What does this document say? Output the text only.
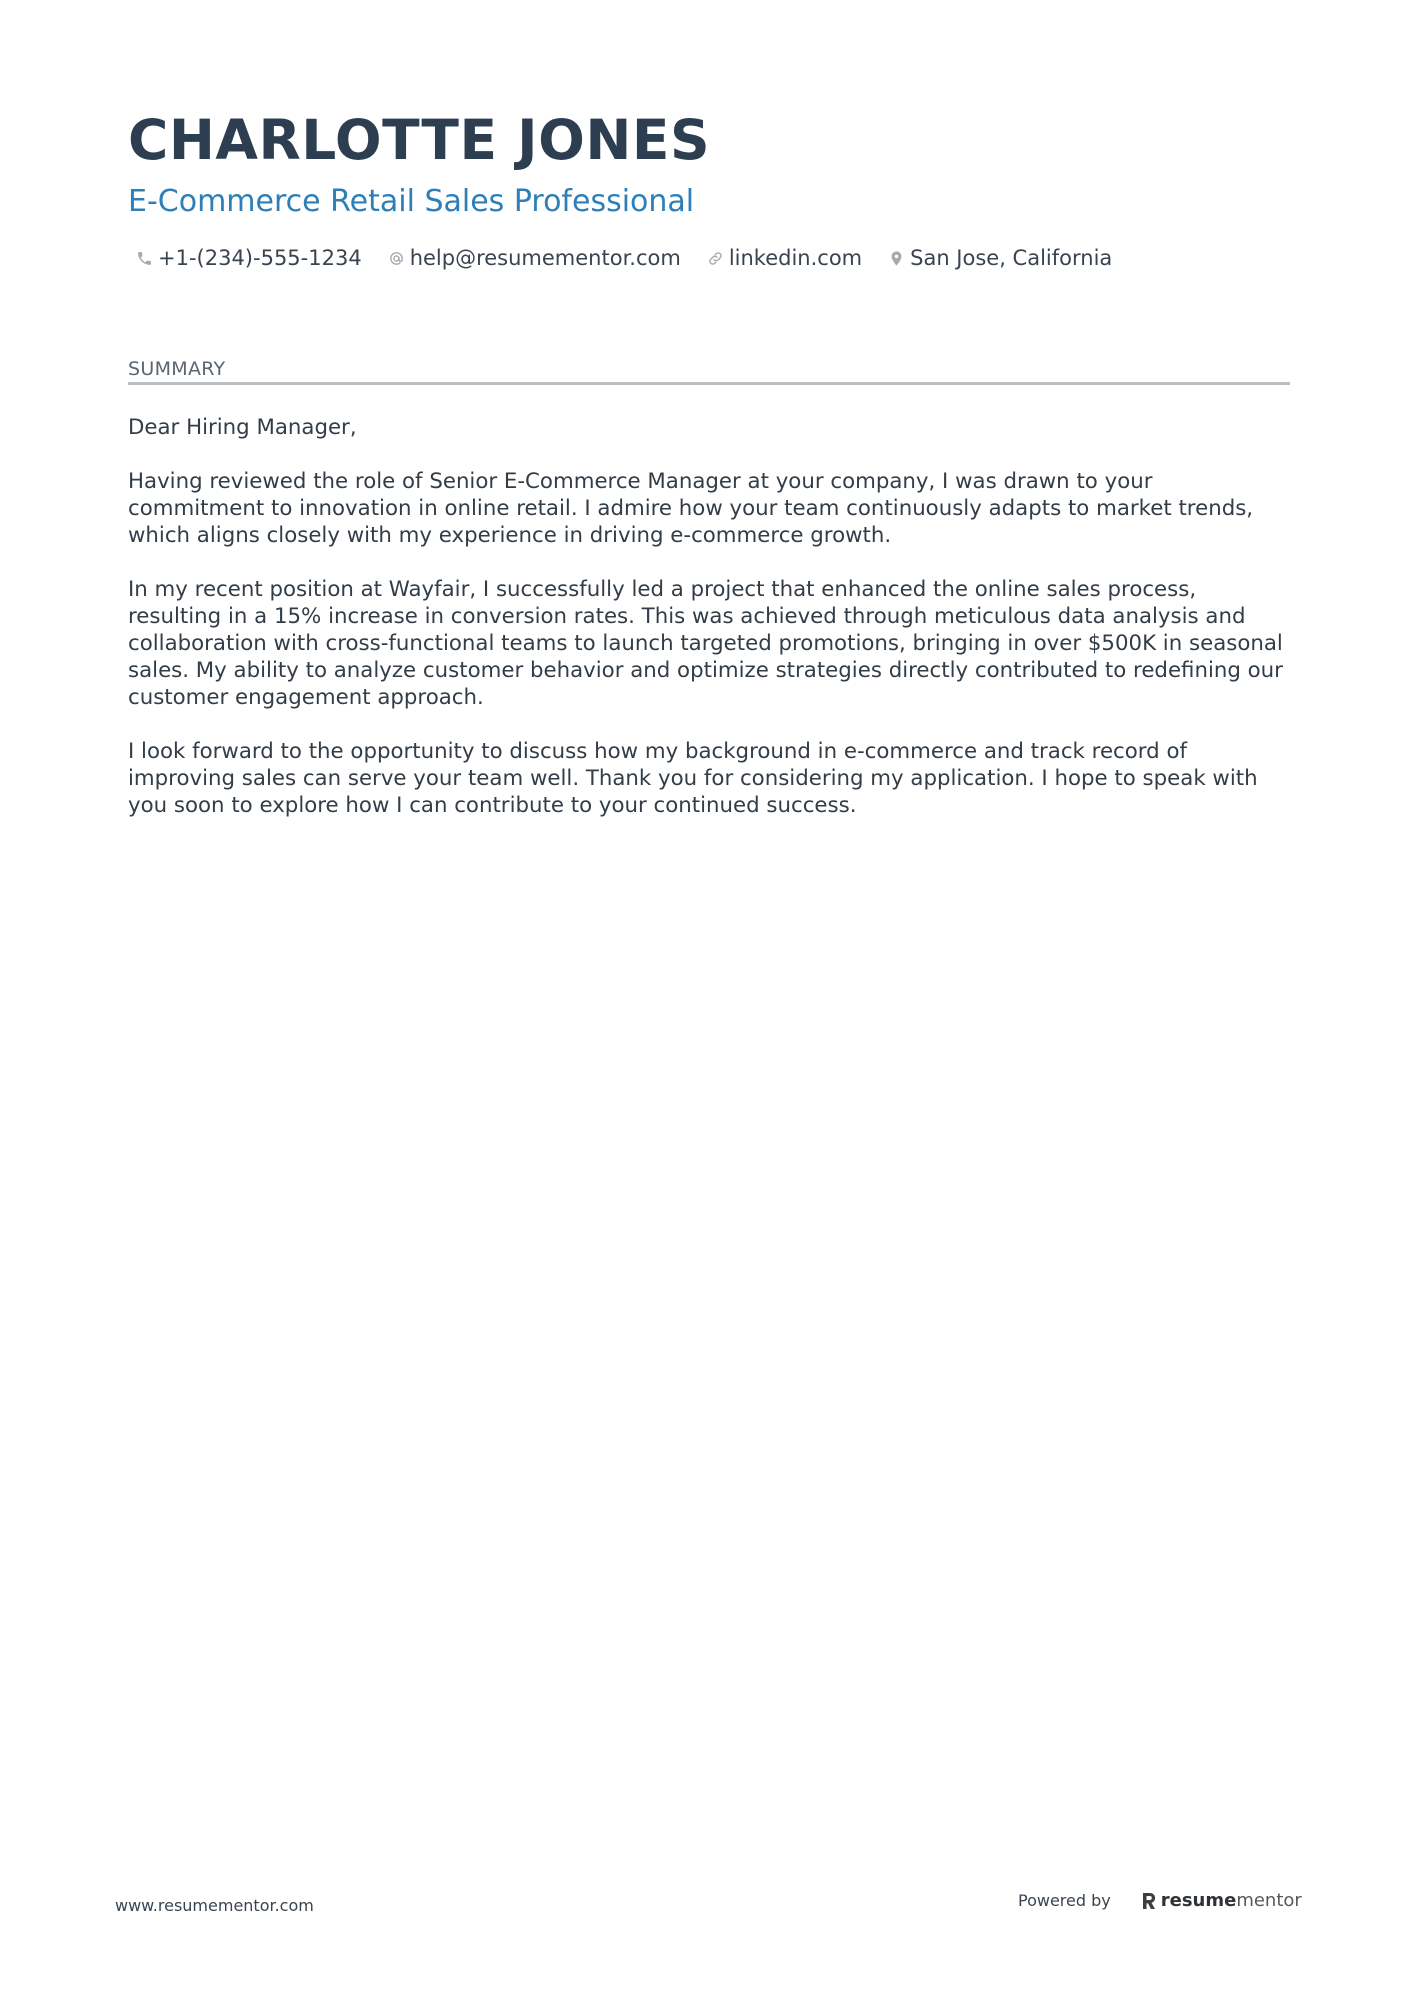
CHARLOTTE JONES
E-Commerce Retail Sales Professional
+1-(234)-555-1234 help@resumementor.com linkedin.com San Jose, California
SUMMARY

Dear Hiring Manager,

Having reviewed the role of Senior E-Commerce Manager at your company, I was drawn to your commitment to innovation in online retail. I admire how your team continuously adapts to market trends, which aligns closely with my experience in driving e-commerce growth.

In my recent position at Wayfair, I successfully led a project that enhanced the online sales process, resulting in a 15% increase in conversion rates. This was achieved through meticulous data analysis and collaboration with cross-functional teams to launch targeted promotions, bringing in over $500K in seasonal sales. My ability to analyze customer behavior and optimize strategies directly contributed to redefining our customer engagement approach.

I look forward to the opportunity to discuss how my background in e-commerce and track record of improving sales can serve your team well. Thank you for considering my application. I hope to speak with you soon to explore how I can contribute to your continued success.

www.resumementor.com	Powered by	resume mentor
